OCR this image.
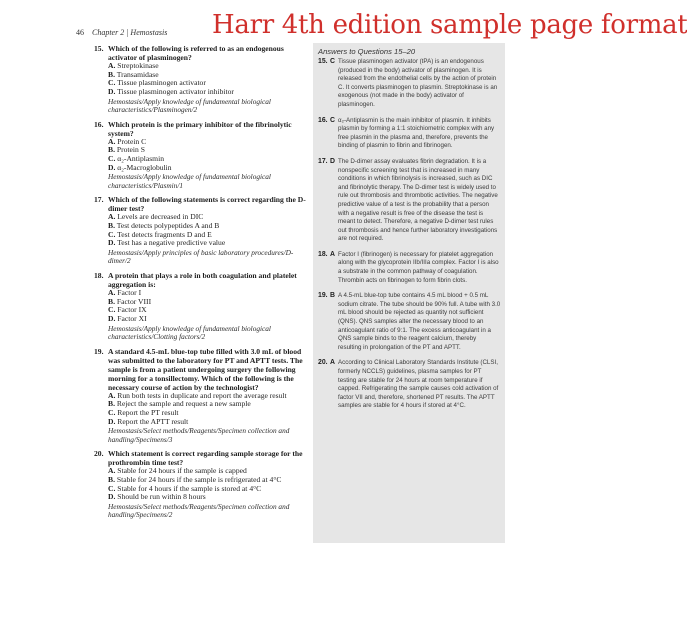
46 Chapter 2 | Hemostasis Harr 4th edition sample page format
15. Which of the following is referred to as an endogenous activator of plasminogen?
A. Streptokinase
B. Transamidase
C. Tissue plasminogen activator
D. Tissue plasminogen activator inhibitor
Hemostasis/Apply knowledge of fundamental biological characteristics/Plasminogen/2
16. Which protein is the primary inhibitor of the fibrinolytic system?
A. Protein C
B. Protein S
C. α₂-Antiplasmin
D. α₂-Macroglobulin
Hemostasis/Apply knowledge of fundamental biological characteristics/Plasmin/1
17. Which of the following statements is correct regarding the D-dimer test?
A. Levels are decreased in DIC
B. Test detects polypeptides A and B
C. Test detects fragments D and E
D. Test has a negative predictive value
Hemostasis/Apply principles of basic laboratory procedures/D-dimer/2
18. A protein that plays a role in both coagulation and platelet aggregation is:
A. Factor I
B. Factor VIII
C. Factor IX
D. Factor XI
Hemostasis/Apply knowledge of fundamental biological characteristics/Clotting factors/2
19. A standard 4.5-mL blue-top tube filled with 3.0 mL of blood was submitted to the laboratory for PT and APTT tests. The sample is from a patient undergoing surgery the following morning for a tonsillectomy. Which of the following is the necessary course of action by the technologist?
A. Run both tests in duplicate and report the average result
B. Reject the sample and request a new sample
C. Report the PT result
D. Report the APTT result
Hemostasis/Select methods/Reagents/Specimen collection and handling/Specimens/3
20. Which statement is correct regarding sample storage for the prothrombin time test?
A. Stable for 24 hours if the sample is capped
B. Stable for 24 hours if the sample is refrigerated at 4°C
C. Stable for 4 hours if the sample is stored at 4°C
D. Should be run within 8 hours
Hemostasis/Select methods/Reagents/Specimen collection and handling/Specimens/2
Answers to Questions 15–20
15. C Tissue plasminogen activator (tPA) is an endogenous (produced in the body) activator of plasminogen. It is released from the endothelial cells by the action of protein C. It converts plasminogen to plasmin. Streptokinase is an exogenous (not made in the body) activator of plasminogen.
16. C α₂-Antiplasmin is the main inhibitor of plasmin. It inhibits plasmin by forming a 1:1 stoichiometric complex with any free plasmin in the plasma and, therefore, prevents the binding of plasmin to fibrin and fibrinogen.
17. D The D-dimer assay evaluates fibrin degradation. It is a nonspecific screening test that is increased in many conditions in which fibrinolysis is increased, such as DIC and fibrinolytic therapy. The D-dimer test is widely used to rule out thrombosis and thrombotic activities. The negative predictive value of a test is the probability that a person with a negative result is free of the disease the test is meant to detect. Therefore, a negative D-dimer test rules out thrombosis and hence further laboratory investigations are not required.
18. A Factor I (fibrinogen) is necessary for platelet aggregation along with the glycoprotein IIb/IIIa complex. Factor I is also a substrate in the common pathway of coagulation. Thrombin acts on fibrinogen to form fibrin clots.
19. B A 4.5-mL blue-top tube contains 4.5 mL blood + 0.5 mL sodium citrate. The tube should be 90% full. A tube with 3.0 mL blood should be rejected as quantity not sufficient (QNS). QNS samples alter the necessary blood to an anticoagulant ratio of 9:1. The excess anticoagulant in a QNS sample binds to the reagent calcium, thereby resulting in prolongation of the PT and APTT.
20. A According to Clinical Laboratory Standards Institute (CLSI, formerly NCCLS) guidelines, plasma samples for PT testing are stable for 24 hours at room temperature if capped. Refrigerating the sample causes cold activation of factor VII and, therefore, shortened PT results. The APTT samples are stable for 4 hours if stored at 4°C.
